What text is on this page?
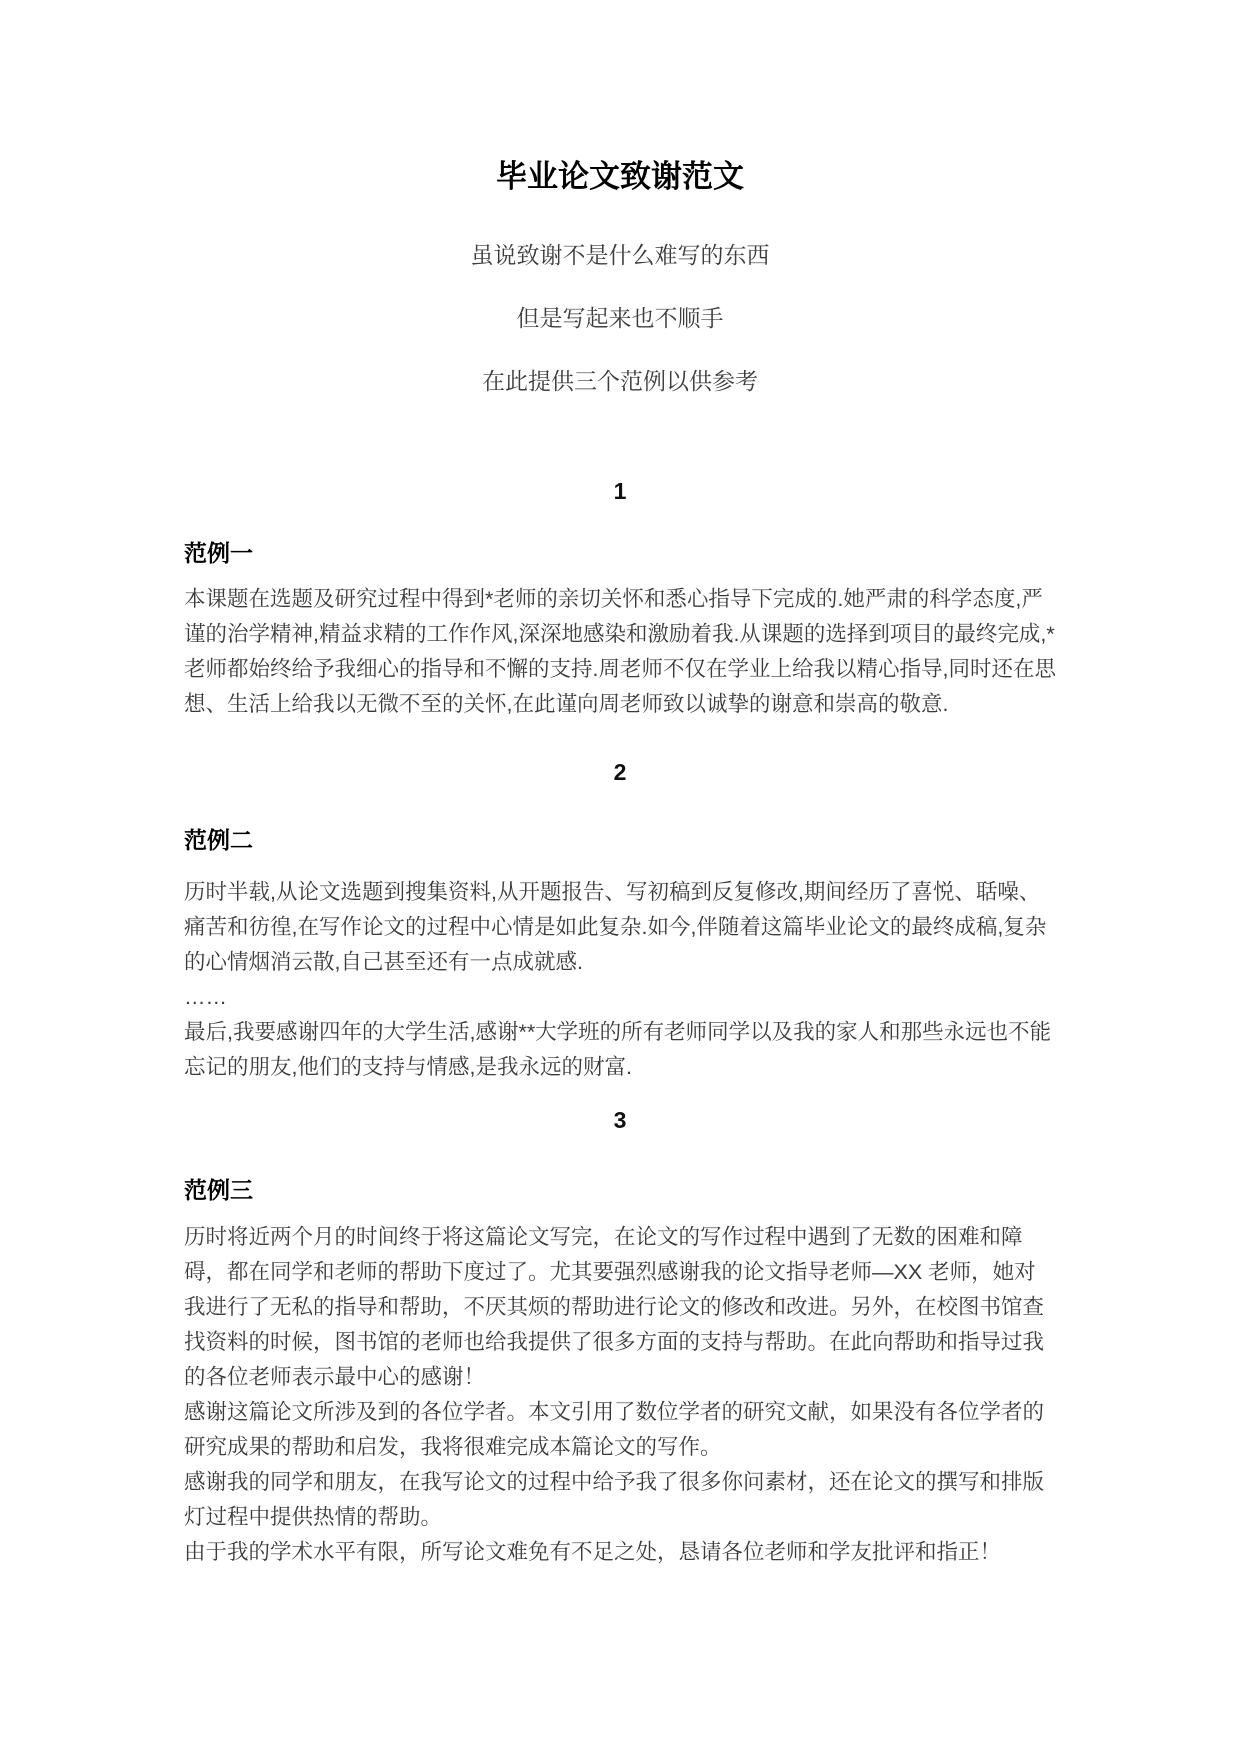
毕业论文致谢范文

虽说致谢不是什么难写的东西

但是写起来也不顺手

在此提供三个范例以供参考

1

范例一

本课题在选题及研究过程中得到*老师的亲切关怀和悉心指导下完成的.她严肃的科学态度,严谨的治学精神,精益求精的工作作风,深深地感染和激励着我.从课题的选择到项目的最终完成,*老师都始终给予我细心的指导和不懈的支持.周老师不仅在学业上给我以精心指导,同时还在思想、生活上给我以无微不至的关怀,在此谨向周老师致以诚挚的谢意和崇高的敬意.

2

范例二

历时半载,从论文选题到搜集资料,从开题报告、写初稿到反复修改,期间经历了喜悦、聒噪、痛苦和彷徨,在写作论文的过程中心情是如此复杂.如今,伴随着这篇毕业论文的最终成稿,复杂的心情烟消云散,自己甚至还有一点成就感.

……

最后,我要感谢四年的大学生活,感谢**大学班的所有老师同学以及我的家人和那些永远也不能忘记的朋友,他们的支持与情感,是我永远的财富.

3

范例三

历时将近两个月的时间终于将这篇论文写完，在论文的写作过程中遇到了无数的困难和障碍，都在同学和老师的帮助下度过了。尤其要强烈感谢我的论文指导老师—XX 老师，她对我进行了无私的指导和帮助，不厌其烦的帮助进行论文的修改和改进。另外，在校图书馆查找资料的时候，图书馆的老师也给我提供了很多方面的支持与帮助。在此向帮助和指导过我的各位老师表示最中心的感谢！

感谢这篇论文所涉及到的各位学者。本文引用了数位学者的研究文献，如果没有各位学者的研究成果的帮助和启发，我将很难完成本篇论文的写作。

感谢我的同学和朋友，在我写论文的过程中给予我了很多你问素材，还在论文的撰写和排版灯过程中提供热情的帮助。

由于我的学术水平有限，所写论文难免有不足之处，恳请各位老师和学友批评和指正！
